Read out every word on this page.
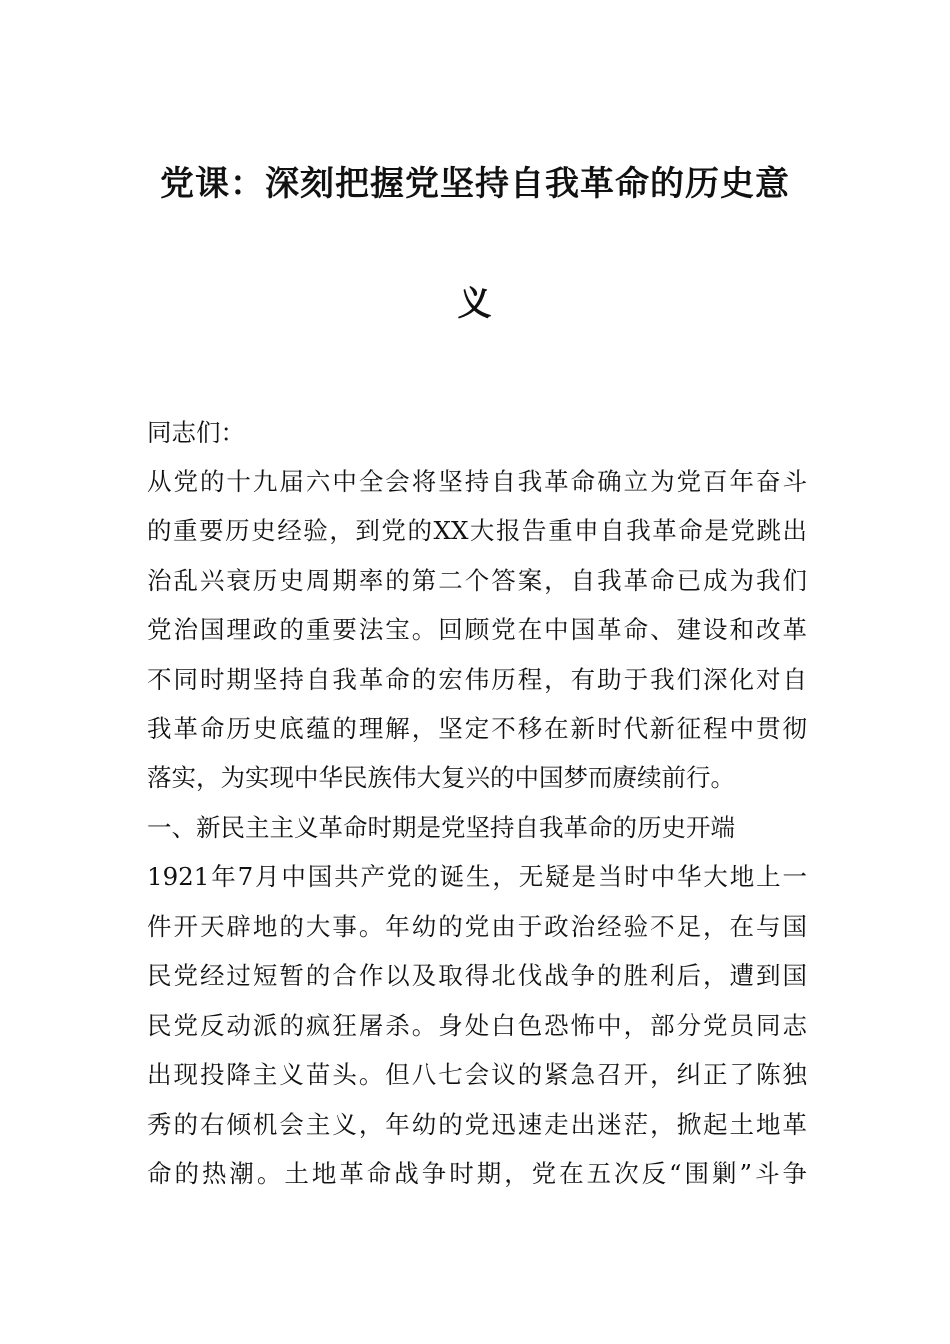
党课：深刻把握党坚持自我革命的历史意
义
同志们：
从党的十九届六中全会将坚持自我革命确立为党百年奋斗
的重要历史经验，到党的XX大报告重申自我革命是党跳出
治乱兴衰历史周期率的第二个答案，自我革命已成为我们
党治国理政的重要法宝。回顾党在中国革命、建设和改革
不同时期坚持自我革命的宏伟历程，有助于我们深化对自
我革命历史底蕴的理解，坚定不移在新时代新征程中贯彻
落实，为实现中华民族伟大复兴的中国梦而赓续前行。
一、新民主主义革命时期是党坚持自我革命的历史开端
1921年7月中国共产党的诞生，无疑是当时中华大地上一
件开天辟地的大事。年幼的党由于政治经验不足，在与国
民党经过短暂的合作以及取得北伐战争的胜利后，遭到国
民党反动派的疯狂屠杀。身处白色恐怖中，部分党员同志
出现投降主义苗头。但八七会议的紧急召开，纠正了陈独
秀的右倾机会主义，年幼的党迅速走出迷茫，掀起土地革
命的热潮。土地革命战争时期，党在五次反“围剿”斗争
